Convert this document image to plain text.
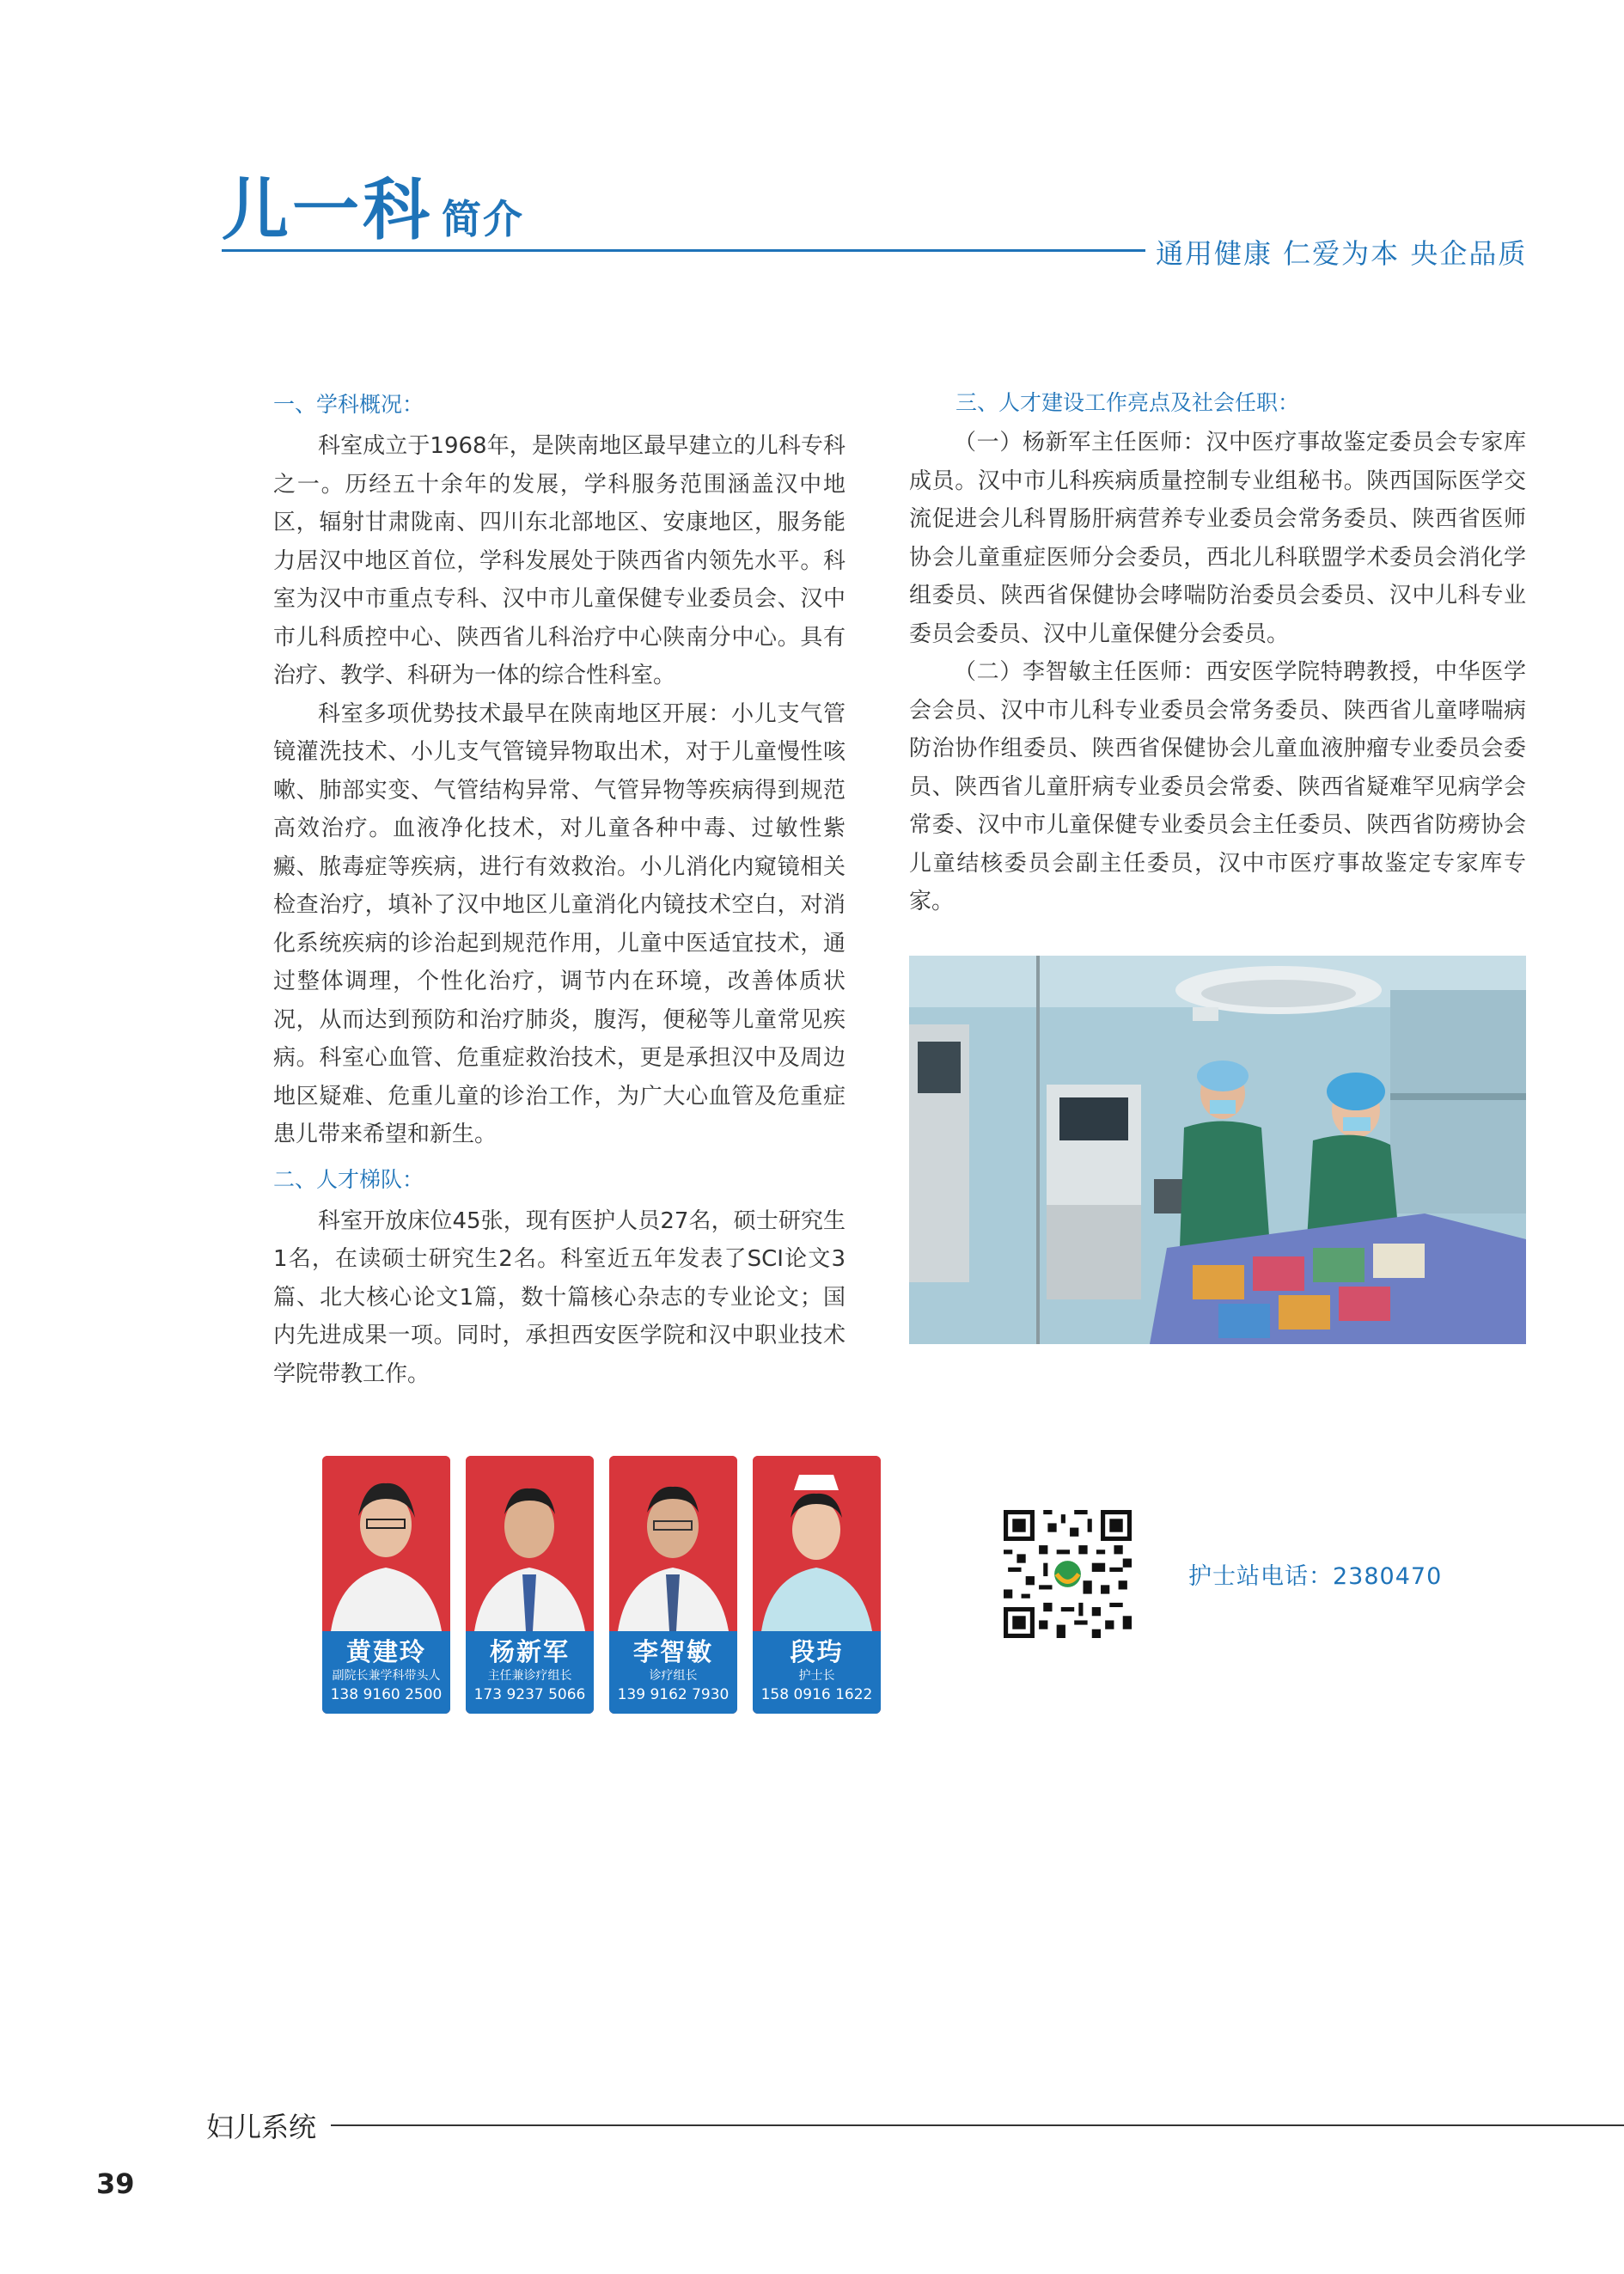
儿一科 简介
通用健康 仁爱为本 央企品质
一、学科概况：

科室成立于1968年，是陕南地区最早建立的儿科专科之一。历经五十余年的发展，学科服务范围涵盖汉中地区，辐射甘肃陇南、四川东北部地区、安康地区，服务能力居汉中地区首位，学科发展处于陕西省内领先水平。科室为汉中市重点专科、汉中市儿童保健专业委员会、汉中市儿科质控中心、陕西省儿科治疗中心陕南分中心。具有治疗、教学、科研为一体的综合性科室。

科室多项优势技术最早在陕南地区开展：小儿支气管镜灌洗技术、小儿支气管镜异物取出术，对于儿童慢性咳嗽、肺部实变、气管结构异常、气管异物等疾病得到规范高效治疗。血液净化技术，对儿童各种中毒、过敏性紫癜、脓毒症等疾病，进行有效救治。小儿消化内窥镜相关检查治疗，填补了汉中地区儿童消化内镜技术空白，对消化系统疾病的诊治起到规范作用，儿童中医适宜技术，通过整体调理，个性化治疗，调节内在环境，改善体质状况，从而达到预防和治疗肺炎，腹泻，便秘等儿童常见疾病。科室心血管、危重症救治技术，更是承担汉中及周边地区疑难、危重儿童的诊治工作，为广大心血管及危重症患儿带来希望和新生。

二、人才梯队：

科室开放床位45张，现有医护人员27名，硕士研究生1名，在读硕士研究生2名。科室近五年发表了SCI论文3篇、北大核心论文1篇，数十篇核心杂志的专业论文；国内先进成果一项。同时，承担西安医学院和汉中职业技术学院带教工作。

三、人才建设工作亮点及社会任职：

（一）杨新军主任医师：汉中医疗事故鉴定委员会专家库成员。汉中市儿科疾病质量控制专业组秘书。陕西国际医学交流促进会儿科胃肠肝病营养专业委员会常务委员、陕西省医师协会儿童重症医师分会委员，西北儿科联盟学术委员会消化学组委员、陕西省保健协会哮喘防治委员会委员、汉中儿科专业委员会委员、汉中儿童保健分会委员。

（二）李智敏主任医师：西安医学院特聘教授，中华医学会会员、汉中市儿科专业委员会常务委员、陕西省儿童哮喘病防治协作组委员、陕西省保健协会儿童血液肿瘤专业委员会委员、陕西省儿童肝病专业委员会常委、陕西省疑难罕见病学会常委、汉中市儿童保健专业委员会主任委员、陕西省防痨协会儿童结核委员会副主任委员，汉中市医疗事故鉴定专家库专家。

黄建玲
副院长兼学科带头人
138 9160 2500
杨新军
主任兼诊疗组长
173 9237 5066
李智敏
诊疗组长
139 9162 7930
段玙
护士长
158 0916 1622
护士站电话：2380470
妇儿系统
39
